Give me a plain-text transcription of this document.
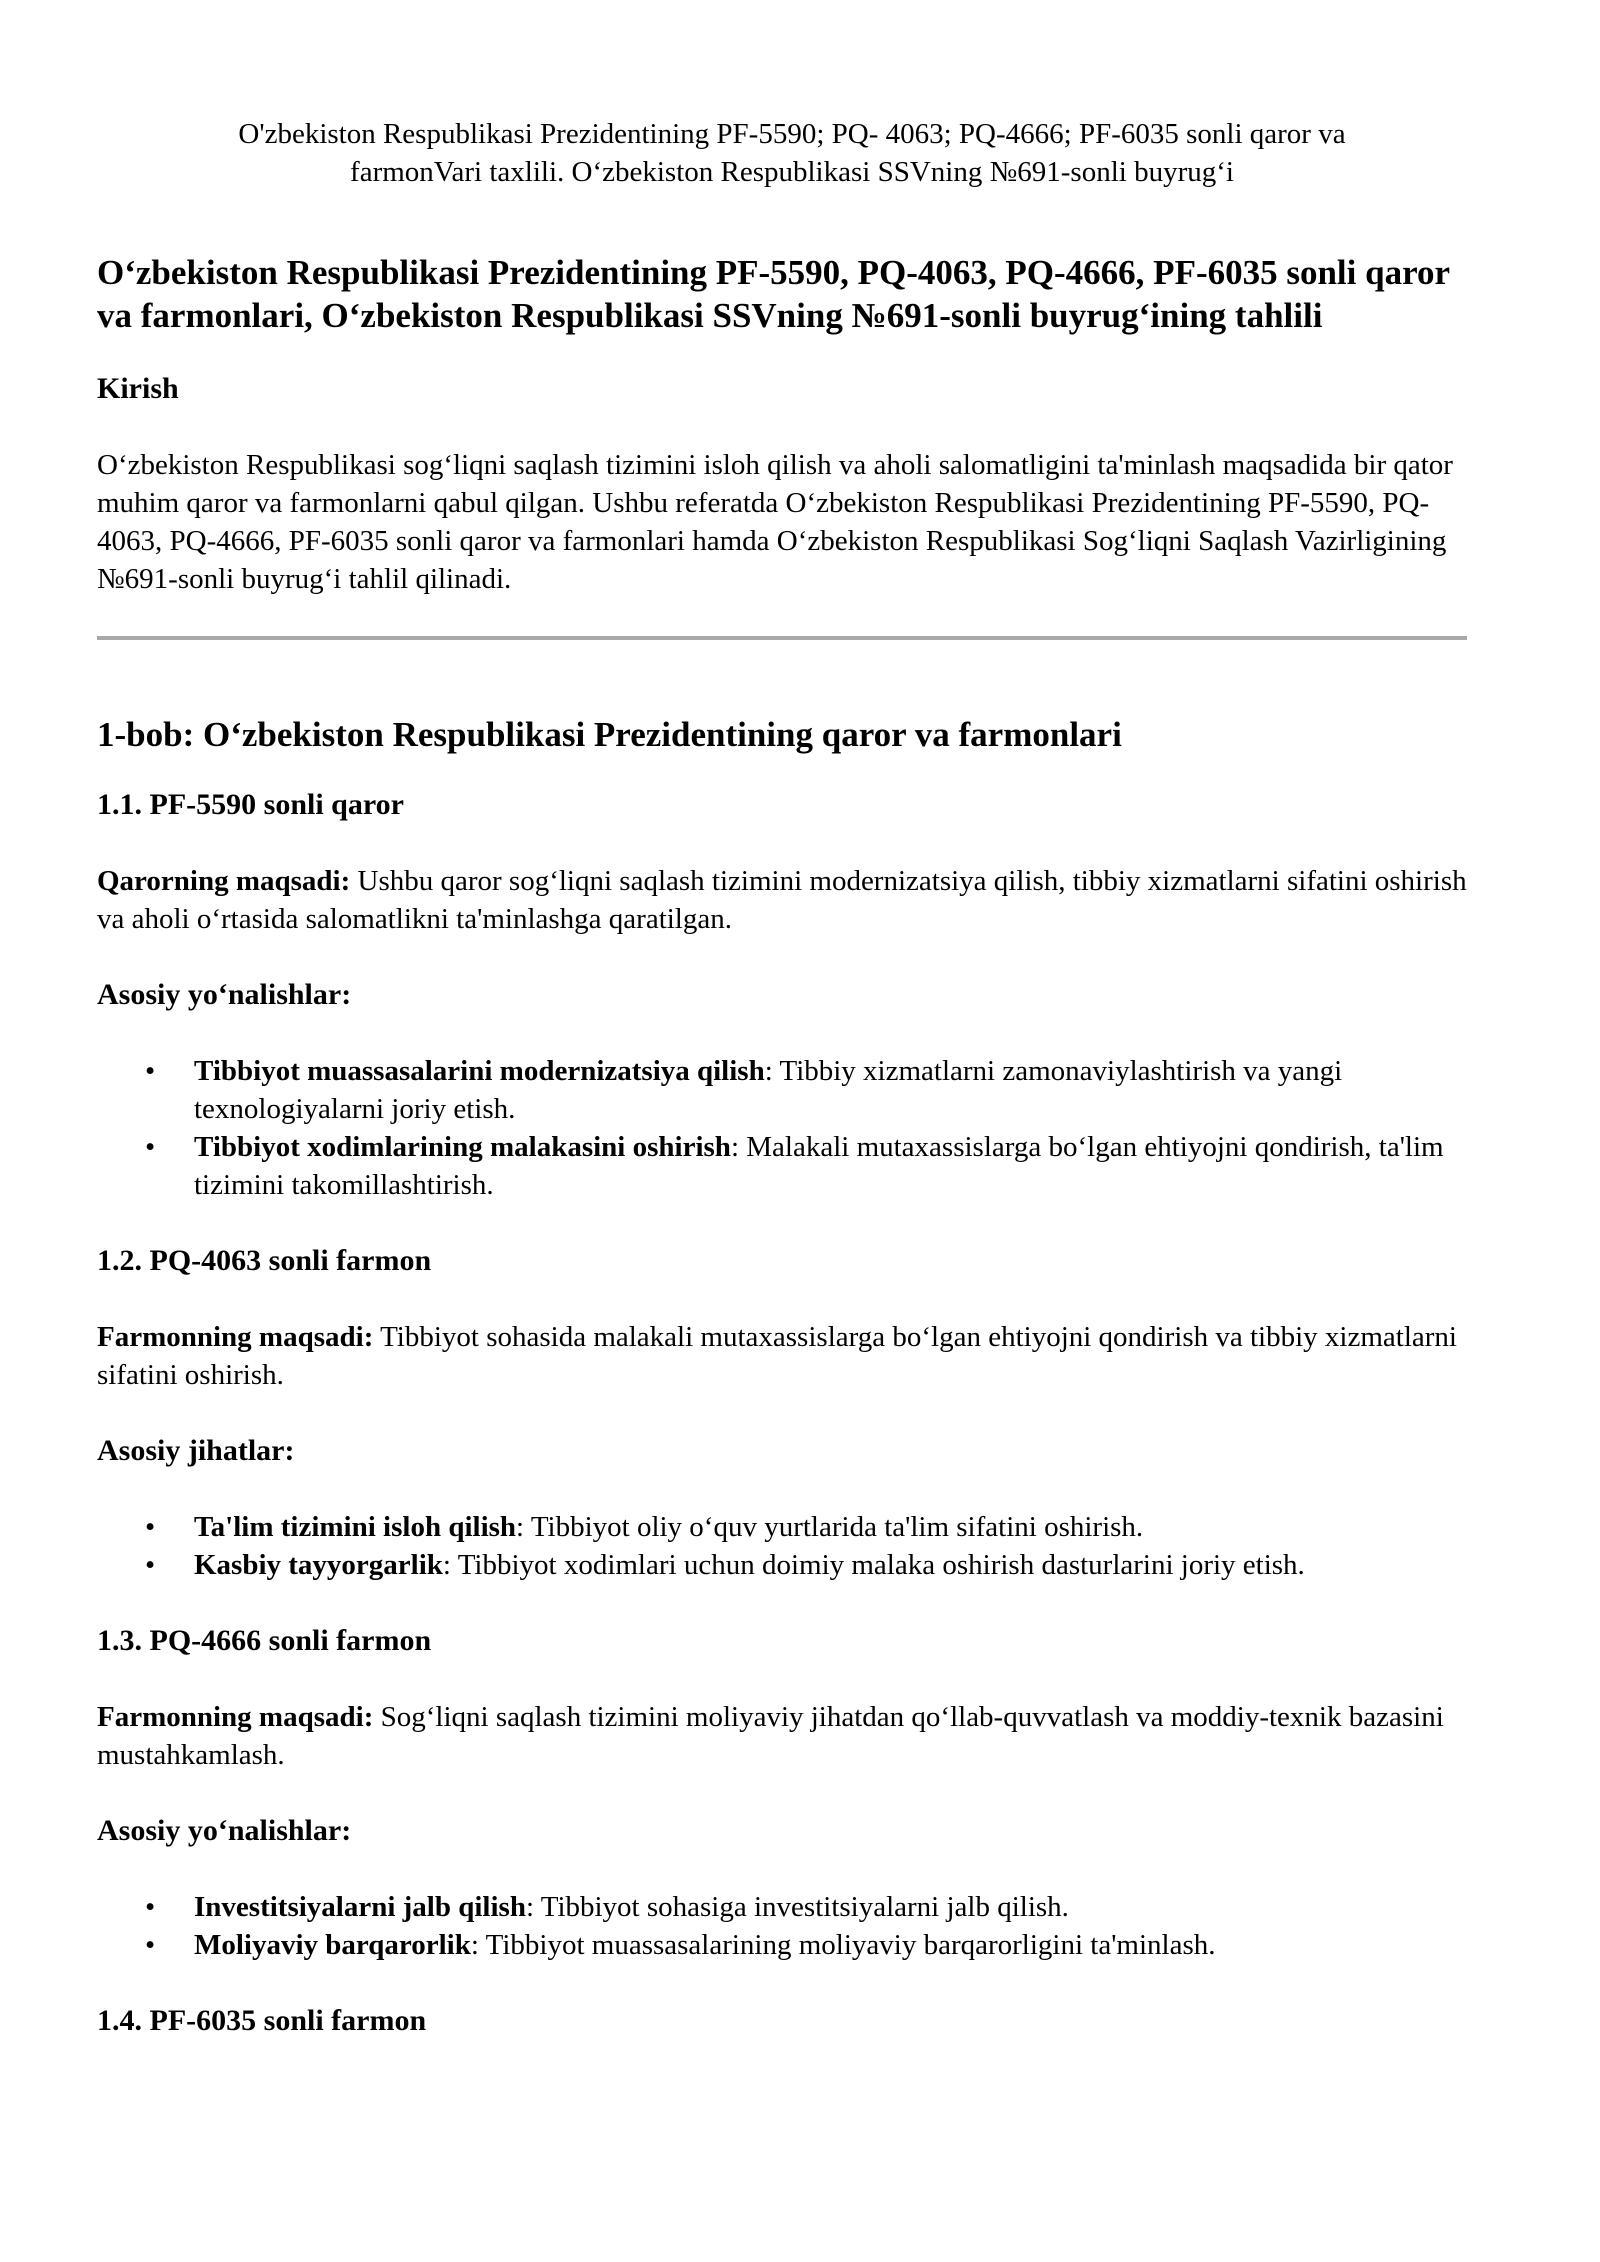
O'zbekiston Respublikasi Prezidentining PF-5590; PQ- 4063; PQ-4666; PF-6035 sonli qaror va
farmonVari taxlili. O‘zbekiston Respublikasi SSVning №691-sonli buyrug‘i
O‘zbekiston Respublikasi Prezidentining PF-5590, PQ-4063, PQ-4666, PF-6035 sonli qaror va farmonlari, O‘zbekiston Respublikasi SSVning №691-sonli buyrug‘ining tahlili
Kirish

O‘zbekiston Respublikasi sog‘liqni saqlash tizimini isloh qilish va aholi salomatligini ta'minlash maqsadida bir qator muhim qaror va farmonlarni qabul qilgan. Ushbu referatda O‘zbekiston Respublikasi Prezidentining PF-5590, PQ-4063, PQ-4666, PF-6035 sonli qaror va farmonlari hamda O‘zbekiston Respublikasi Sog‘liqni Saqlash Vazirligining №691-sonli buyrug‘i tahlil qilinadi.

1-bob: O‘zbekiston Respublikasi Prezidentining qaror va farmonlari
1.1. PF-5590 sonli qaror

Qarorning maqsadi: Ushbu qaror sog‘liqni saqlash tizimini modernizatsiya qilish, tibbiy xizmatlarni sifatini oshirish va aholi o‘rtasida salomatlikni ta'minlashga qaratilgan.

Asosiy yo‘nalishlar:
• Tibbiyot muassasalarini modernizatsiya qilish: Tibbiy xizmatlarni zamonaviylashtirish va yangi texnologiyalarni joriy etish.
• Tibbiyot xodimlarining malakasini oshirish: Malakali mutaxassislarga bo‘lgan ehtiyojni qondirish, ta'lim tizimini takomillashtirish.
1.2. PQ-4063 sonli farmon

Farmonning maqsadi: Tibbiyot sohasida malakali mutaxassislarga bo‘lgan ehtiyojni qondirish va tibbiy xizmatlarni sifatini oshirish.

Asosiy jihatlar:
• Ta'lim tizimini isloh qilish: Tibbiyot oliy o‘quv yurtlarida ta'lim sifatini oshirish.
• Kasbiy tayyorgarlik: Tibbiyot xodimlari uchun doimiy malaka oshirish dasturlarini joriy etish.
1.3. PQ-4666 sonli farmon

Farmonning maqsadi: Sog‘liqni saqlash tizimini moliyaviy jihatdan qo‘llab-quvvatlash va moddiy-texnik bazasini mustahkamlash.

Asosiy yo‘nalishlar:
• Investitsiyalarni jalb qilish: Tibbiyot sohasiga investitsiyalarni jalb qilish.
• Moliyaviy barqarorlik: Tibbiyot muassasalarining moliyaviy barqarorligini ta'minlash.
1.4. PF-6035 sonli farmon
